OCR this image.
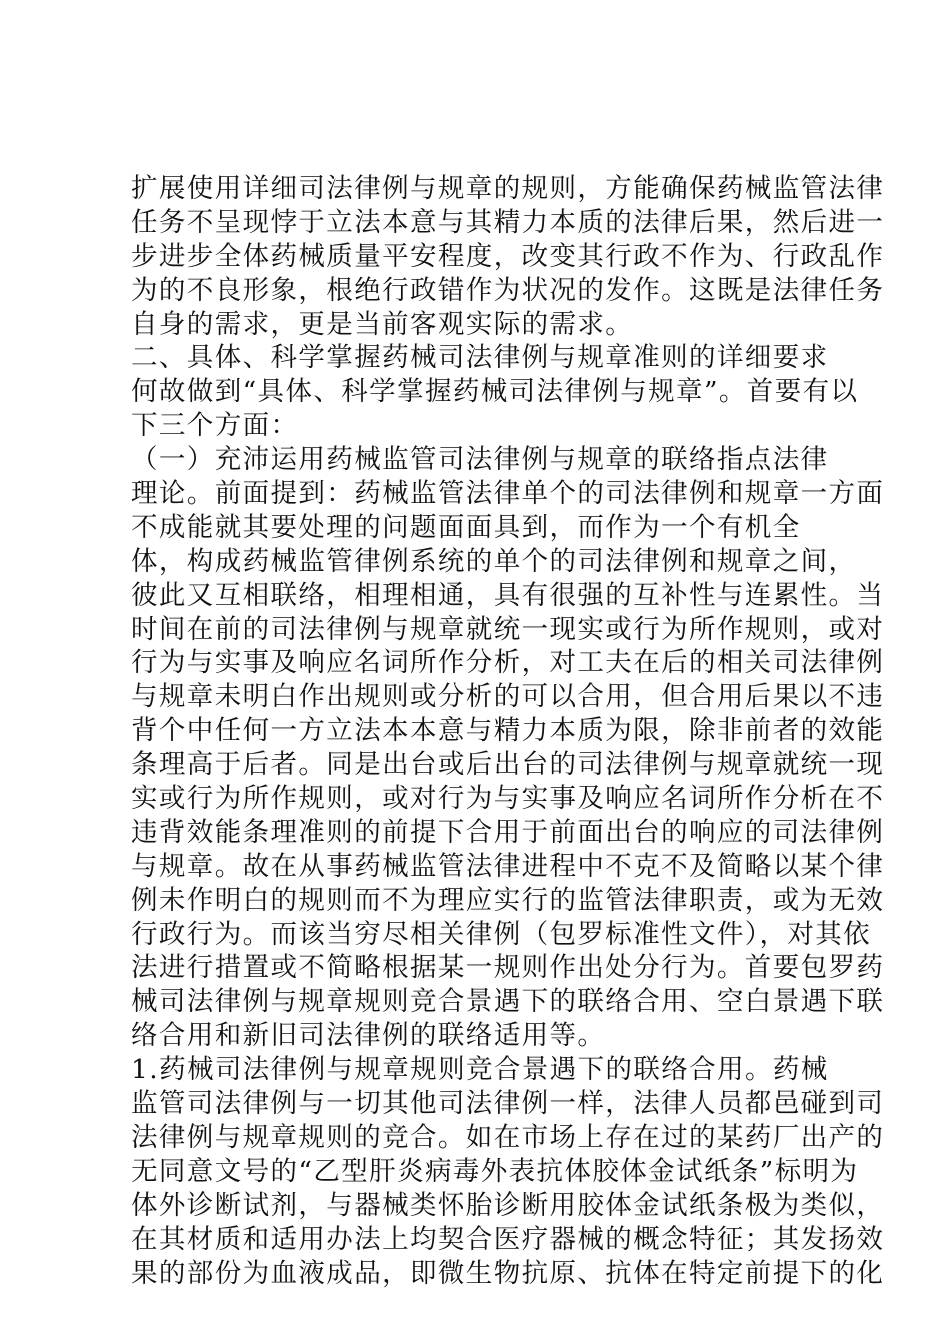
扩展使用详细司法律例与规章的规则，方能确保药械监管法律
任务不呈现悖于立法本意与其精力本质的法律后果，然后进一
步进步全体药械质量平安程度，改变其行政不作为、行政乱作
为的不良形象，根绝行政错作为状况的发作。这既是法律任务
自身的需求，更是当前客观实际的需求。
二、具体、科学掌握药械司法律例与规章准则的详细要求
何故做到“具体、科学掌握药械司法律例与规章”。首要有以
下三个方面：
（一）充沛运用药械监管司法律例与规章的联络指点法律
理论。前面提到：药械监管法律单个的司法律例和规章一方面
不成能就其要处理的问题面面具到，而作为一个有机全
体，构成药械监管律例系统的单个的司法律例和规章之间，
彼此又互相联络，相理相通，具有很强的互补性与连累性。当
时间在前的司法律例与规章就统一现实或行为所作规则，或对
行为与实事及响应名词所作分析，对工夫在后的相关司法律例
与规章未明白作出规则或分析的可以合用，但合用后果以不违
背个中任何一方立法本本意与精力本质为限，除非前者的效能
条理高于后者。同是出台或后出台的司法律例与规章就统一现
实或行为所作规则，或对行为与实事及响应名词所作分析在不
违背效能条理准则的前提下合用于前面出台的响应的司法律例
与规章。故在从事药械监管法律进程中不克不及简略以某个律
例未作明白的规则而不为理应实行的监管法律职责，或为无效
行政行为。而该当穷尽相关律例（包罗标准性文件），对其依
法进行措置或不简略根据某一规则作出处分行为。首要包罗药
械司法律例与规章规则竞合景遇下的联络合用、空白景遇下联
络合用和新旧司法律例的联络适用等。
1.药械司法律例与规章规则竞合景遇下的联络合用。药械
监管司法律例与一切其他司法律例一样，法律人员都邑碰到司
法律例与规章规则的竞合。如在市场上存在过的某药厂出产的
无同意文号的“乙型肝炎病毒外表抗体胶体金试纸条”标明为
体外诊断试剂，与器械类怀胎诊断用胶体金试纸条极为类似，
在其材质和适用办法上均契合医疗器械的概念特征；其发扬效
果的部份为血液成品，即微生物抗原、抗体在特定前提下的化
